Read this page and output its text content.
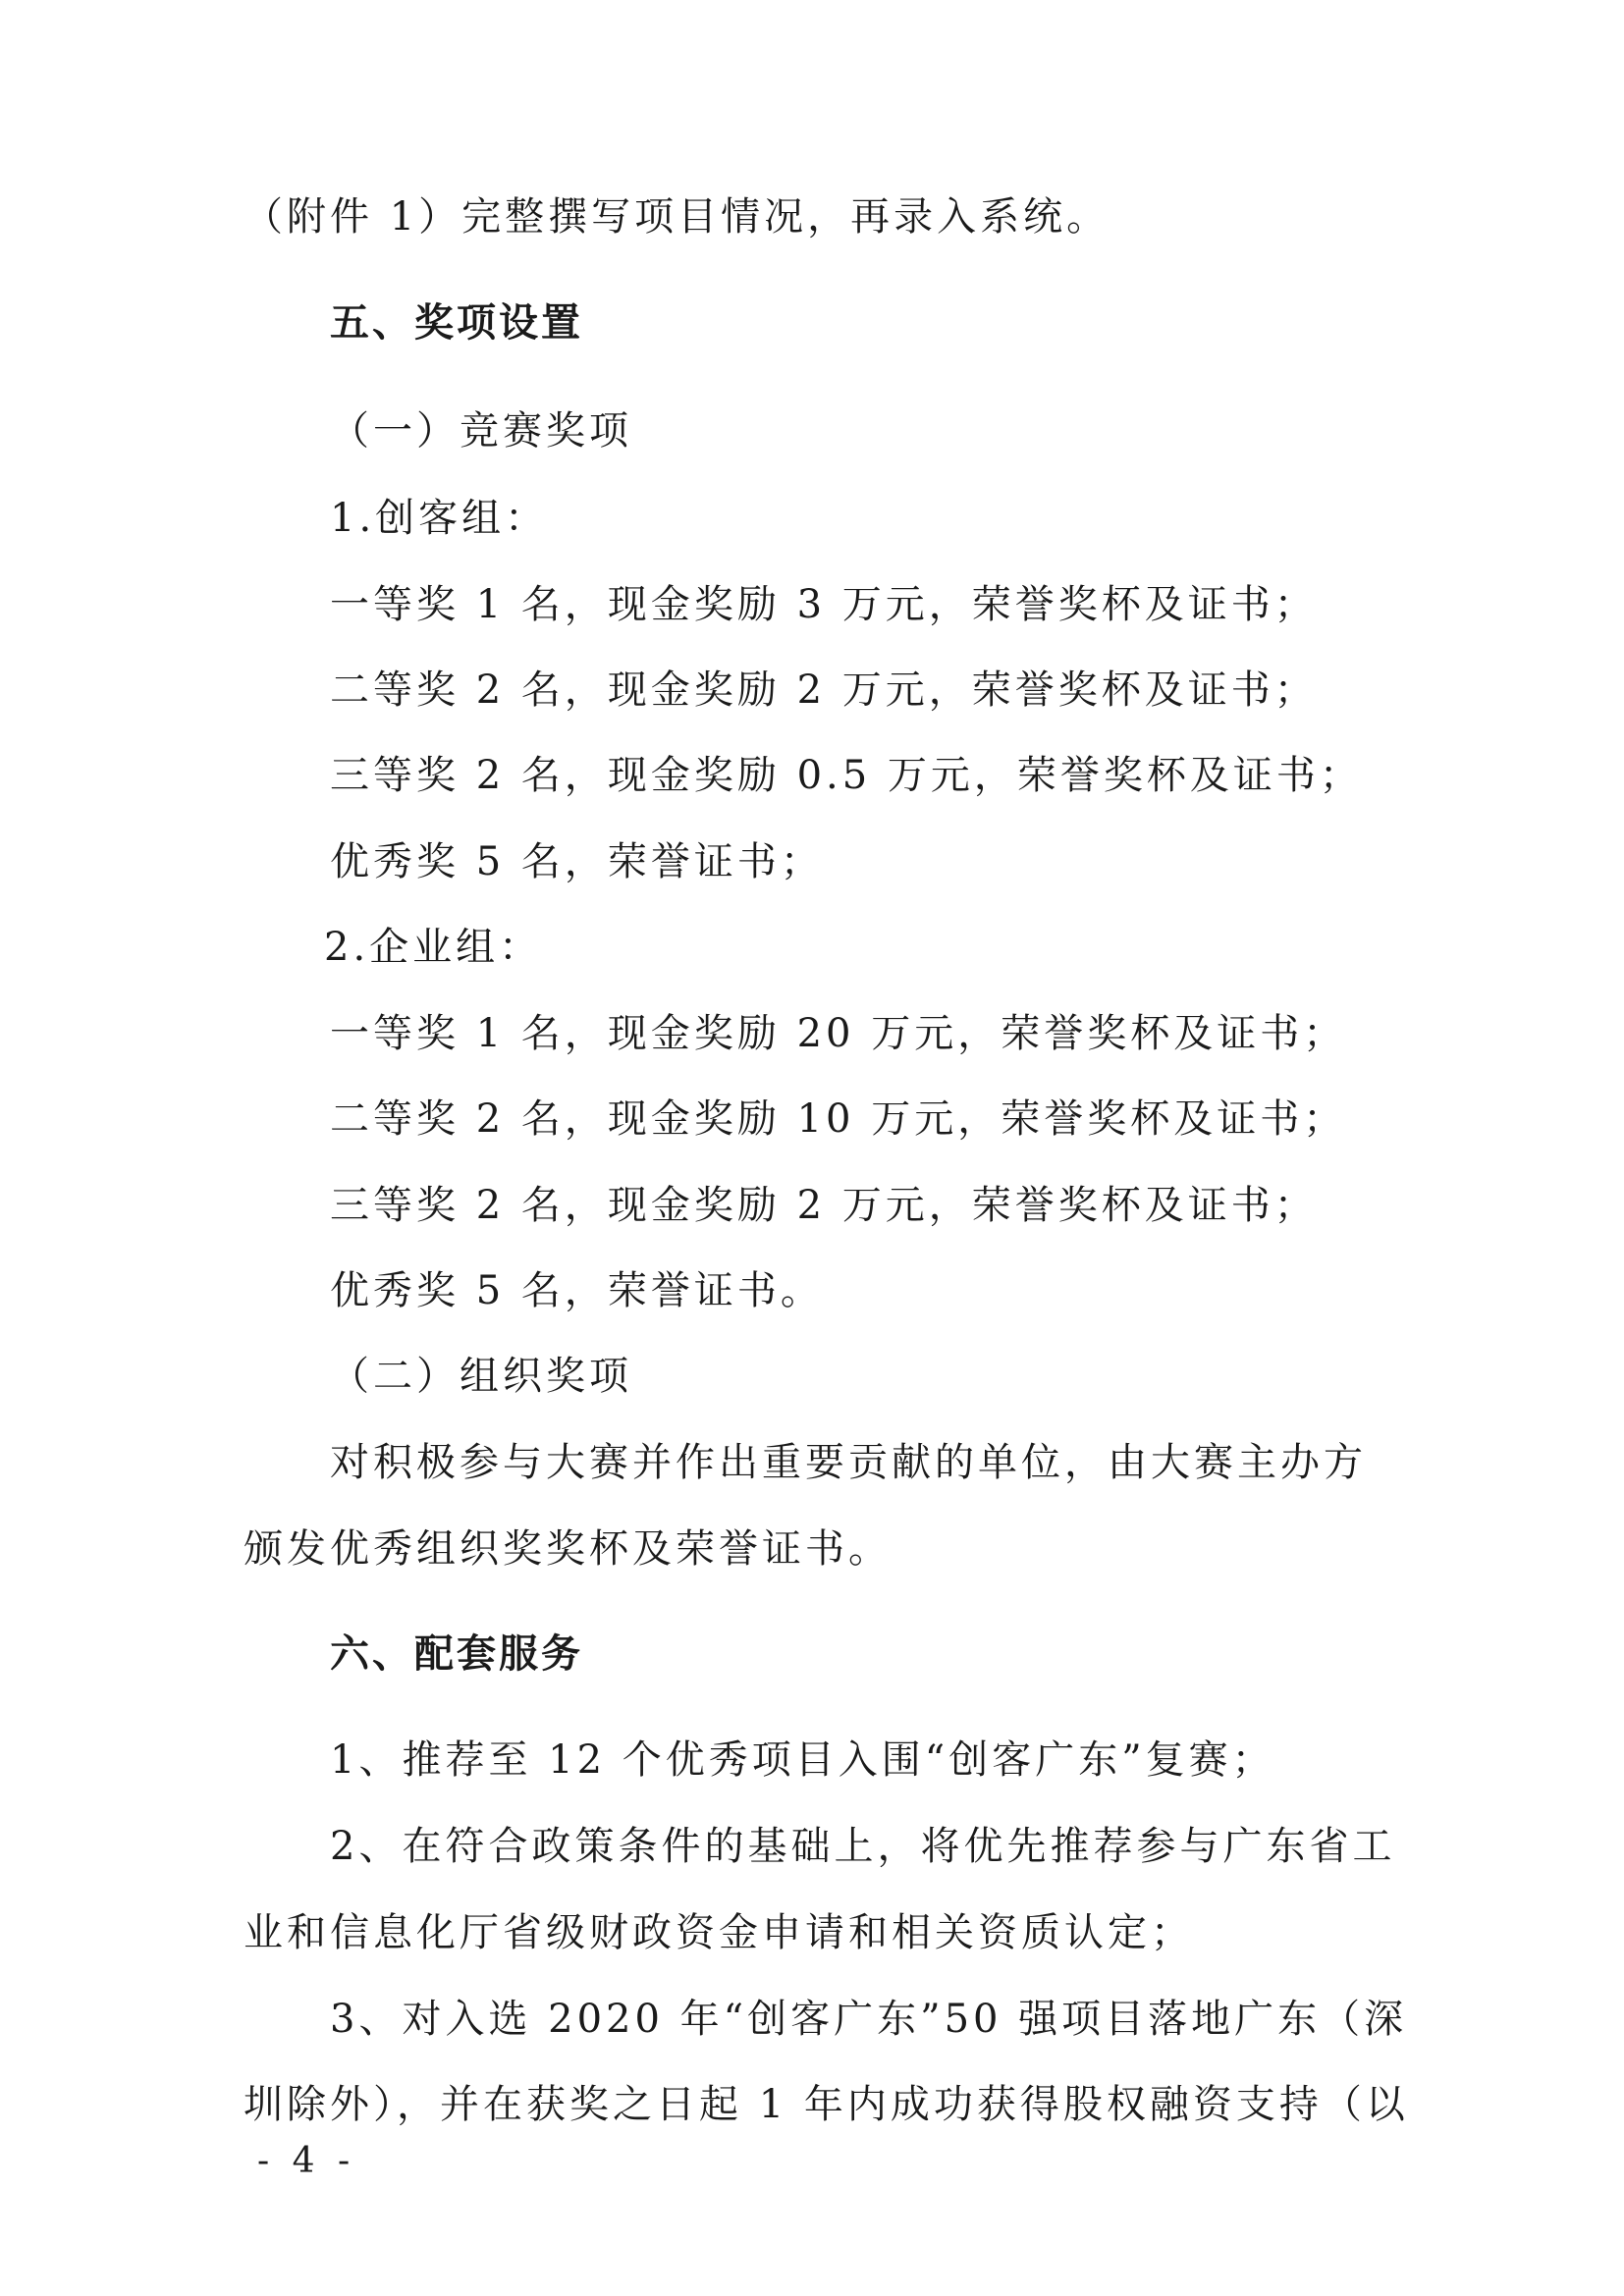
（附件 1）完整撰写项目情况，再录入系统。
五、奖项设置
（一）竞赛奖项
1.创客组：
一等奖 1 名，现金奖励 3 万元，荣誉奖杯及证书；
二等奖 2 名，现金奖励 2 万元，荣誉奖杯及证书；
三等奖 2 名，现金奖励 0.5 万元，荣誉奖杯及证书；
优秀奖 5 名，荣誉证书；
2.企业组：
一等奖 1 名，现金奖励 20 万元，荣誉奖杯及证书；
二等奖 2 名，现金奖励 10 万元，荣誉奖杯及证书；
三等奖 2 名，现金奖励 2 万元，荣誉奖杯及证书；
优秀奖 5 名，荣誉证书。
（二）组织奖项
对积极参与大赛并作出重要贡献的单位，由大赛主办方
颁发优秀组织奖奖杯及荣誉证书。
六、配套服务
1、推荐至 12 个优秀项目入围“创客广东”复赛；
2、在符合政策条件的基础上，将优先推荐参与广东省工
业和信息化厅省级财政资金申请和相关资质认定；
3、对入选 2020 年“创客广东”50 强项目落地广东（深
圳除外），并在获奖之日起 1 年内成功获得股权融资支持（以
- 4 -
